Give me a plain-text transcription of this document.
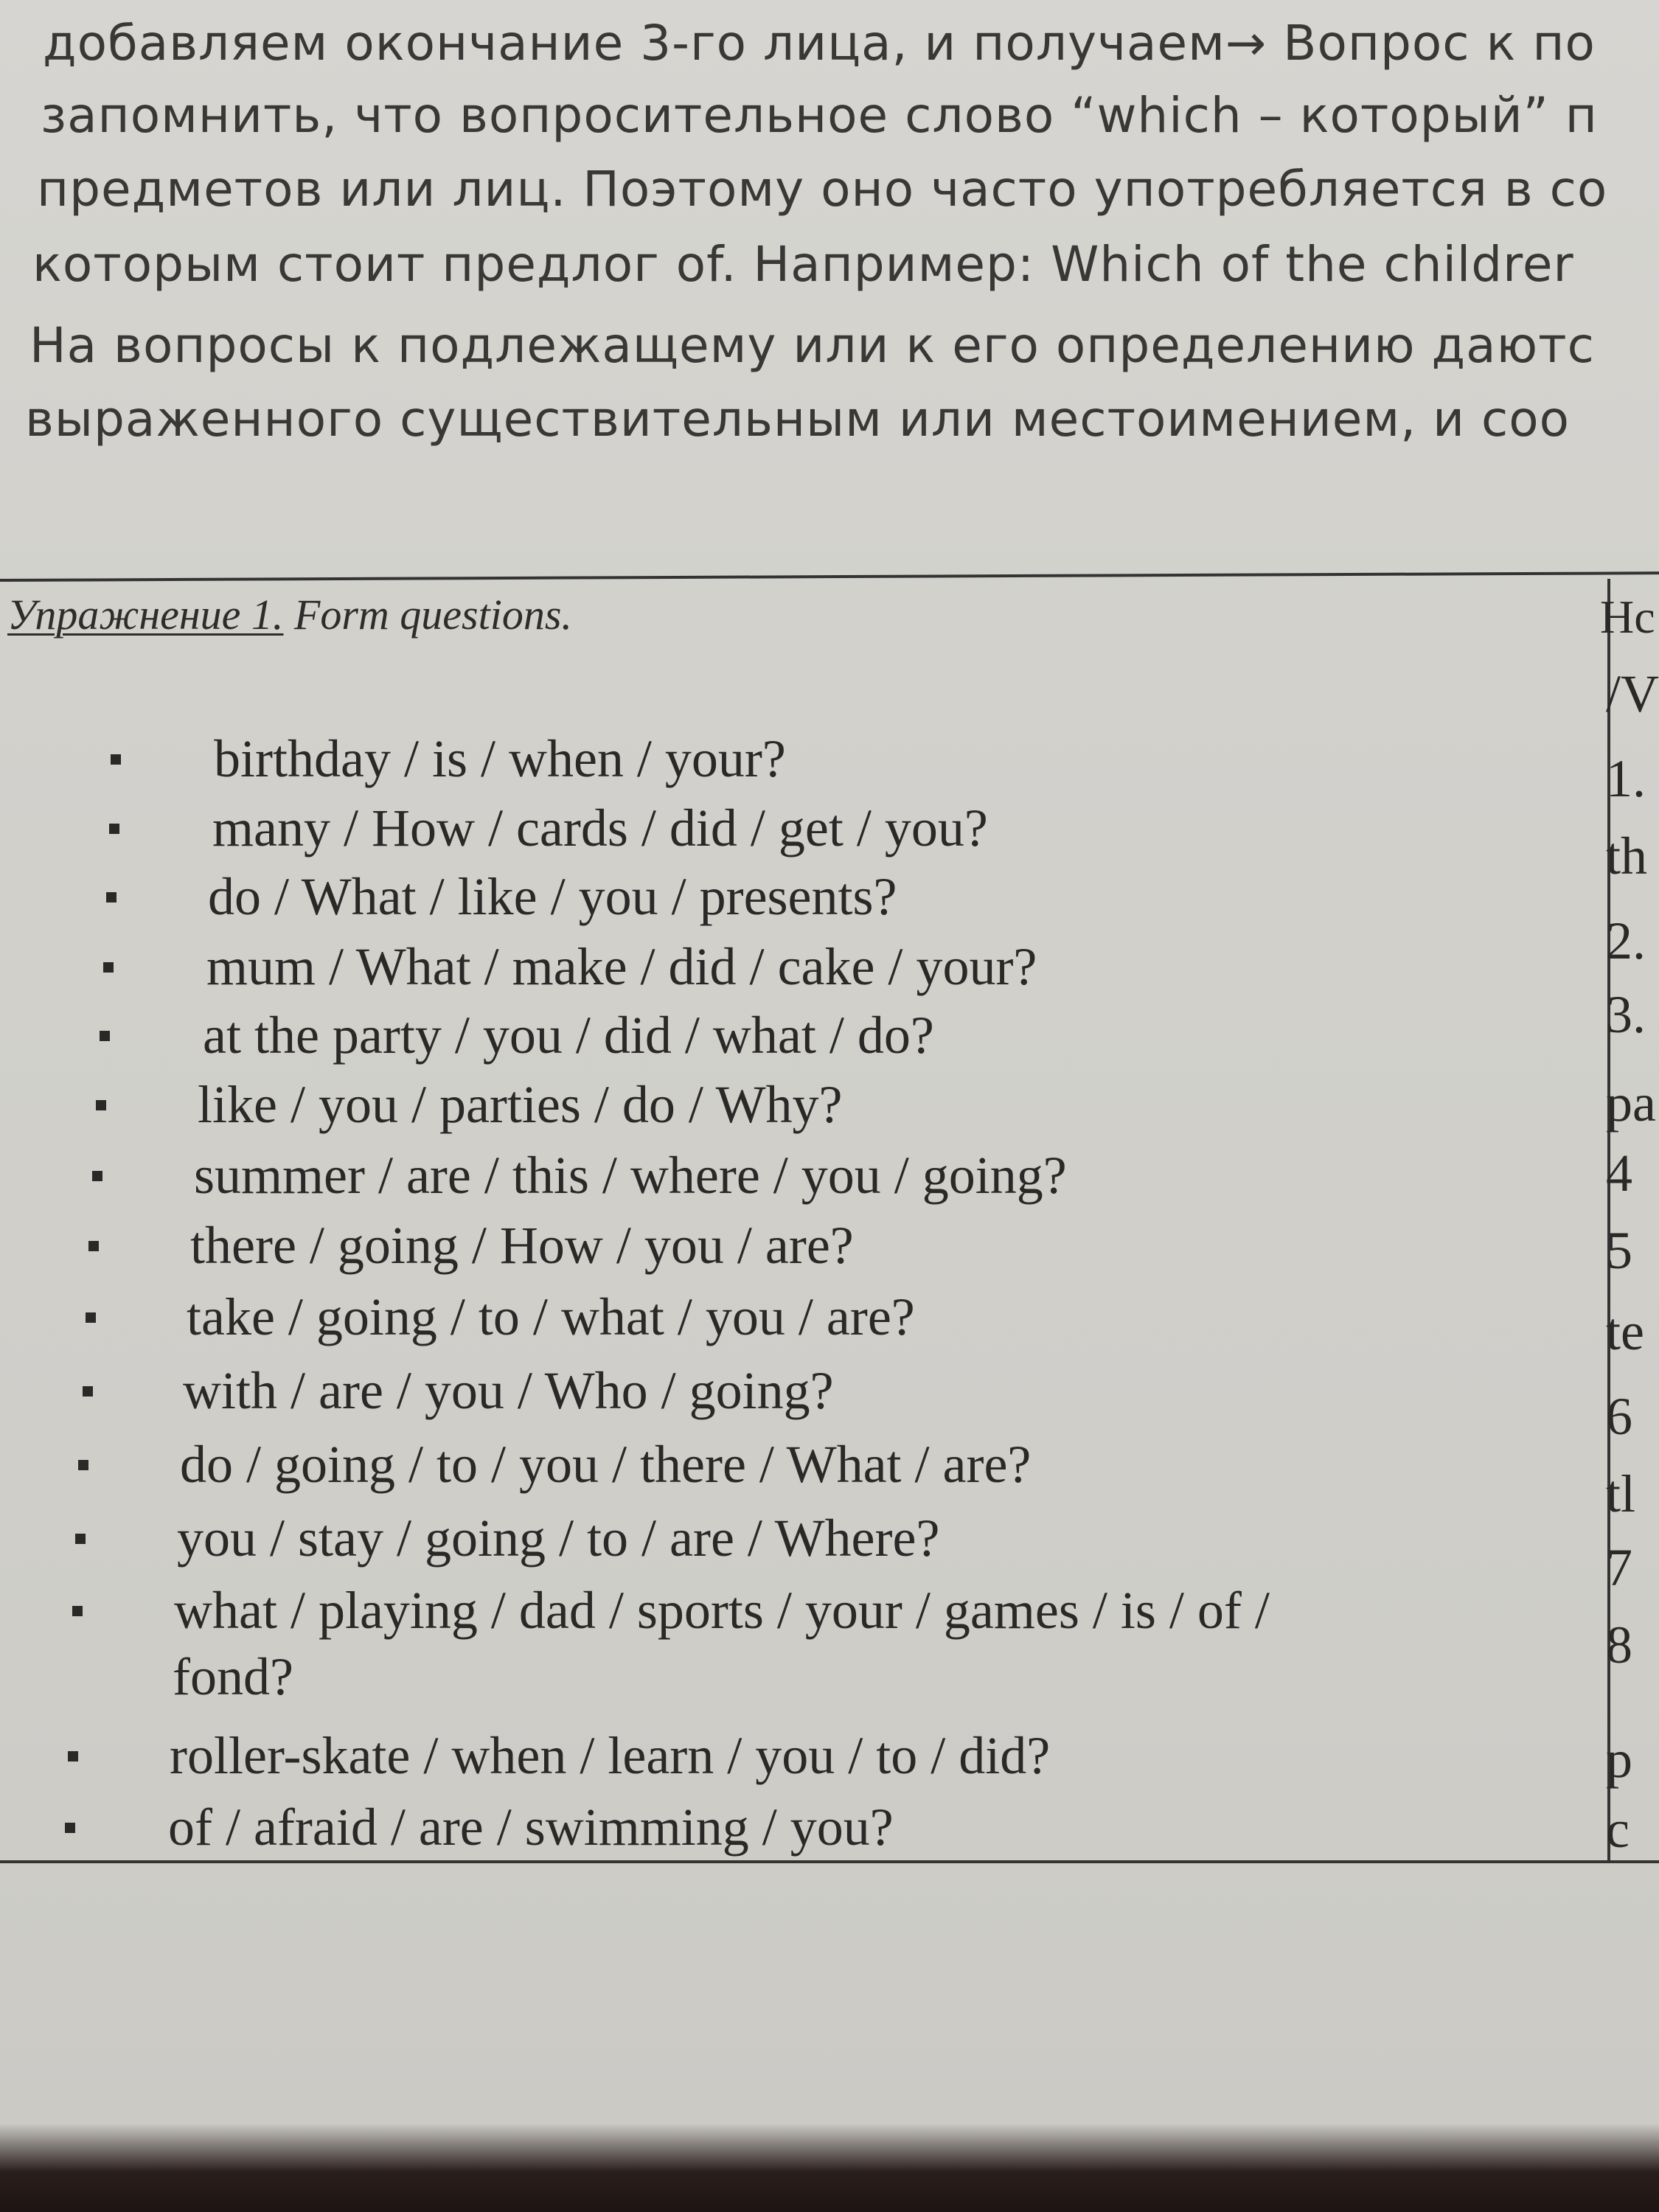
добавляем окончание 3-го лица, и получаем→ Вопрос к по
запомнить, что вопросительное слово “which – который” п
предметов или лиц. Поэтому оно часто употребляется в со
которым стоит предлог of. Например: Which of the childrer
На вопросы к подлежащему или к его определению даютс
выраженного существительным или местоимением, и соо
Упражнение 1. Form questions.
birthday / is / when / your?
many / How / cards / did / get / you?
do / What / like / you / presents?
mum / What / make / did / cake / your?
at the party / you / did / what / do?
like / you / parties / do / Why?
summer / are / this / where / you / going?
there / going / How / you / are?
take / going / to / what / you / are?
with / are / you / Who / going?
do / going / to / you / there / What / are?
you / stay / going / to / are / Where?
what / playing / dad / sports / your / games / is / of /
fond?
roller-skate / when / learn / you / to / did?
of / afraid / are / swimming / you?
Hc
/V
1.
th
2.
3.
pa
4
5
te
6
tl
7
8
p
c
